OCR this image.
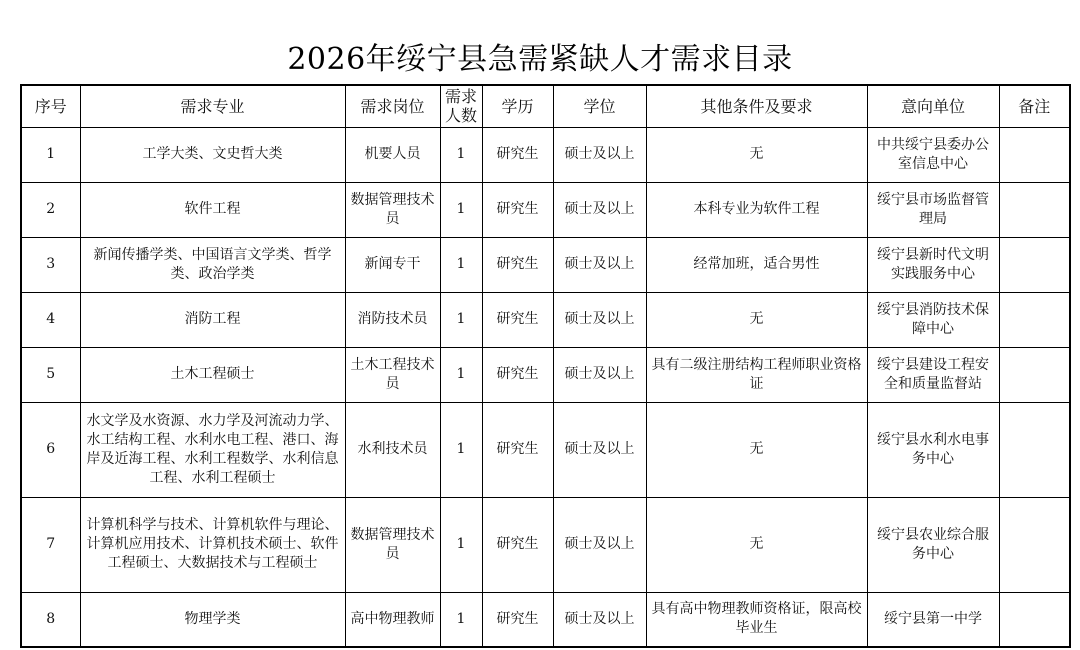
2026年绥宁县急需紧缺人才需求目录
序号	需求专业	需求岗位	需求人数	学历	学位	其他条件及要求	意向单位	备注
1	工学大类、文史哲大类	机要人员	1	研究生	硕士及以上	无	中共绥宁县委办公室信息中心	
2	软件工程	数据管理技术员	1	研究生	硕士及以上	本科专业为软件工程	绥宁县市场监督管理局	
3	新闻传播学类、中国语言文学类、哲学类、政治学类	新闻专干	1	研究生	硕士及以上	经常加班，适合男性	绥宁县新时代文明实践服务中心	
4	消防工程	消防技术员	1	研究生	硕士及以上	无	绥宁县消防技术保障中心	
5	土木工程硕士	土木工程技术员	1	研究生	硕士及以上	具有二级注册结构工程师职业资格证	绥宁县建设工程安全和质量监督站	
6	水文学及水资源、水力学及河流动力学、水工结构工程、水利水电工程、港口、海岸及近海工程、水利工程数学、水利信息工程、水利工程硕士	水利技术员	1	研究生	硕士及以上	无	绥宁县水利水电事务中心	
7	计算机科学与技术、计算机软件与理论、计算机应用技术、计算机技术硕士、软件工程硕士、大数据技术与工程硕士	数据管理技术员	1	研究生	硕士及以上	无	绥宁县农业综合服务中心	
8	物理学类	高中物理教师	1	研究生	硕士及以上	具有高中物理教师资格证，限高校毕业生	绥宁县第一中学	
